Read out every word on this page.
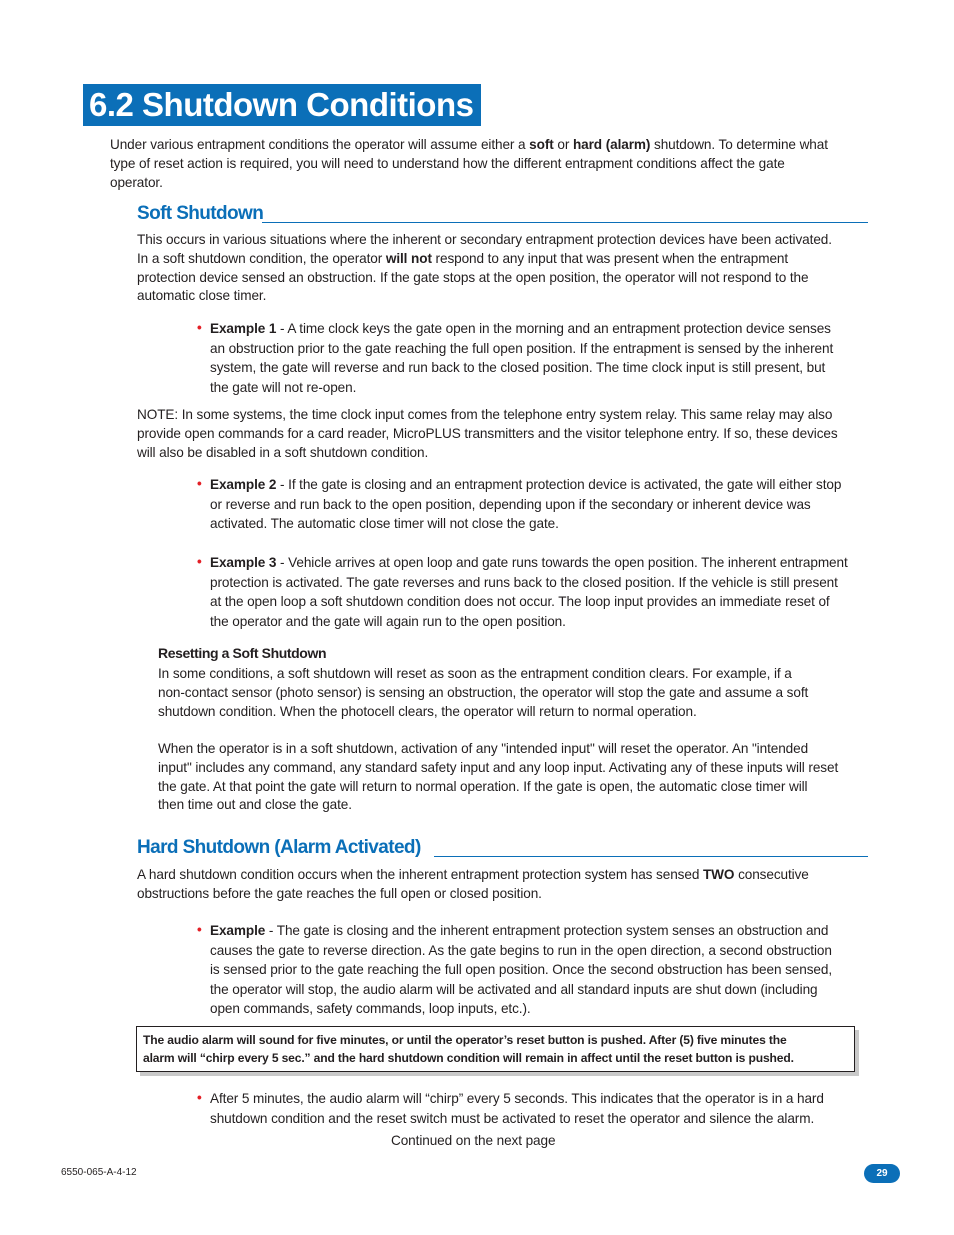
6.2 Shutdown Conditions
Under various entrapment conditions the operator will assume either a soft or hard (alarm) shutdown. To determine what
type of reset action is required, you will need to understand how the different entrapment conditions affect the gate
operator.
Soft Shutdown
This occurs in various situations where the inherent or secondary entrapment protection devices have been activated.
In a soft shutdown condition, the operator will not respond to any input that was present when the entrapment
protection device sensed an obstruction. If the gate stops at the open position, the operator will not respond to the
automatic close timer.
• Example 1 - A time clock keys the gate open in the morning and an entrapment protection device senses
an obstruction prior to the gate reaching the full open position. If the entrapment is sensed by the inherent
system, the gate will reverse and run back to the closed position. The time clock input is still present, but
the gate will not re-open.
NOTE: In some systems, the time clock input comes from the telephone entry system relay. This same relay may also
provide open commands for a card reader, MicroPLUS transmitters and the visitor telephone entry. If so, these devices
will also be disabled in a soft shutdown condition.
• Example 2 - If the gate is closing and an entrapment protection device is activated, the gate will either stop
or reverse and run back to the open position, depending upon if the secondary or inherent device was
activated. The automatic close timer will not close the gate.
• Example 3 - Vehicle arrives at open loop and gate runs towards the open position. The inherent entrapment
protection is activated. The gate reverses and runs back to the closed position. If the vehicle is still present
at the open loop a soft shutdown condition does not occur. The loop input provides an immediate reset of
the operator and the gate will again run to the open position.
Resetting a Soft Shutdown
In some conditions, a soft shutdown will reset as soon as the entrapment condition clears. For example, if a
non-contact sensor (photo sensor) is sensing an obstruction, the operator will stop the gate and assume a soft
shutdown condition. When the photocell clears, the operator will return to normal operation.
When the operator is in a soft shutdown, activation of any "intended input" will reset the operator. An "intended
input" includes any command, any standard safety input and any loop input. Activating any of these inputs will reset
the gate. At that point the gate will return to normal operation. If the gate is open, the automatic close timer will
then time out and close the gate.
Hard Shutdown (Alarm Activated)
A hard shutdown condition occurs when the inherent entrapment protection system has sensed TWO consecutive
obstructions before the gate reaches the full open or closed position.
• Example - The gate is closing and the inherent entrapment protection system senses an obstruction and
causes the gate to reverse direction. As the gate begins to run in the open direction, a second obstruction
is sensed prior to the gate reaching the full open position. Once the second obstruction has been sensed,
the operator will stop, the audio alarm will be activated and all standard inputs are shut down (including
open commands, safety commands, loop inputs, etc.).
The audio alarm will sound for five minutes, or until the operator’s reset button is pushed. After (5) five minutes the
alarm will “chirp every 5 sec.” and the hard shutdown condition will remain in affect until the reset button is pushed.
• After 5 minutes, the audio alarm will “chirp” every 5 seconds. This indicates that the operator is in a hard
shutdown condition and the reset switch must be activated to reset the operator and silence the alarm.
Continued on the next page
6550-065-A-4-12	29
